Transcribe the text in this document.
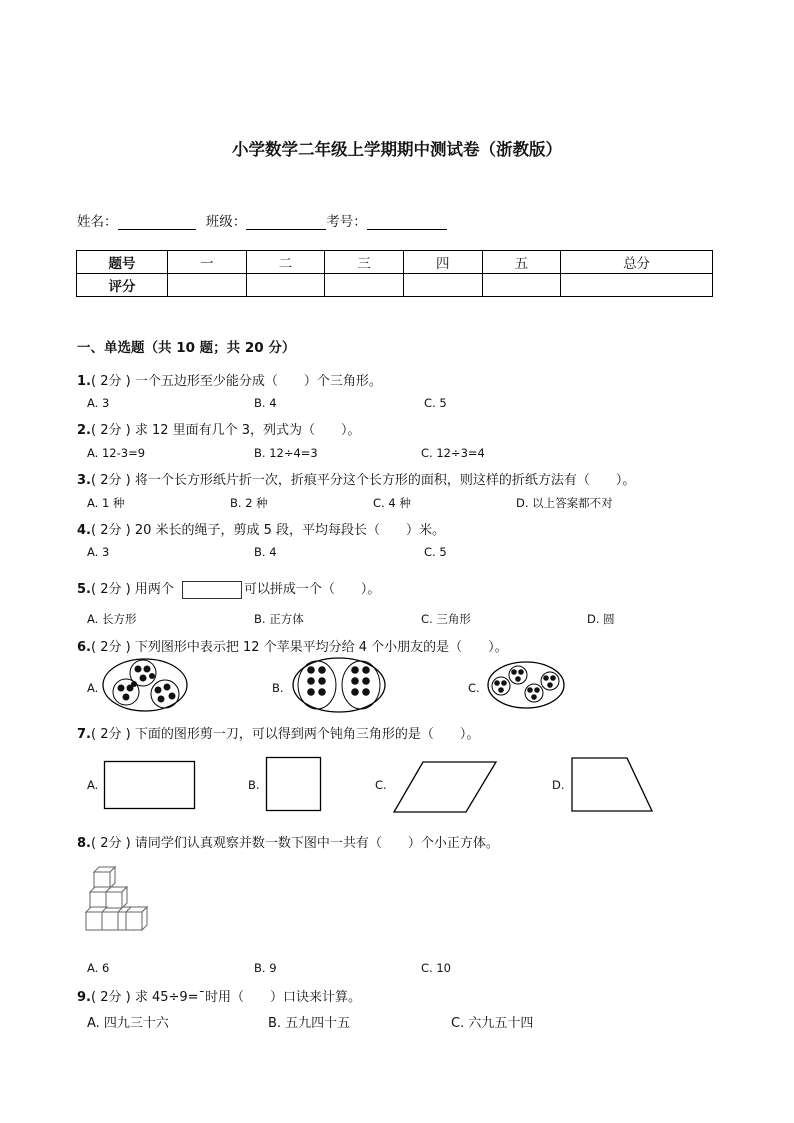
小学数学二年级上学期期中测试卷（浙教版）
姓名：	班级：	考号：
题号	一	二	三	四	五	总分
评分						
一、单选题（共 10 题；共 20 分）
1.( 2分 ) 一个五边形至少能分成（　　）个三角形。
A. 3	B. 4	C. 5
2.( 2分 ) 求 12 里面有几个 3，列式为（　　）。
A. 12-3=9	B. 12÷4=3	C. 12÷3=4
3.( 2分 ) 将一个长方形纸片折一次，折痕平分这个长方形的面积，则这样的折纸方法有（　　）。
A. 1 种	B. 2 种	C. 4 种	D. 以上答案都不对
4.( 2分 ) 20 米长的绳子，剪成 5 段，平均每段长（　　）米。
A. 3	B. 4	C. 5
5.( 2分 ) 用两个	可以拼成一个（　　）。
A. 长方形	B. 正方体	C. 三角形	D. 圆
6.( 2分 ) 下列图形中表示把 12 个苹果平均分给 4 个小朋友的是（　　）。
A.	B.	C.
7.( 2分 ) 下面的图形剪一刀，可以得到两个钝角三角形的是（　　）。
A.	B.	C.	D.
8.( 2分 ) 请同学们认真观察并数一数下图中一共有（　　）个小正方体。
A. 6	B. 9	C. 10
9.( 2分 ) 求 45÷9=¯时用（　　）口诀来计算。
A. 四九三十六	B. 五九四十五	C. 六九五十四
